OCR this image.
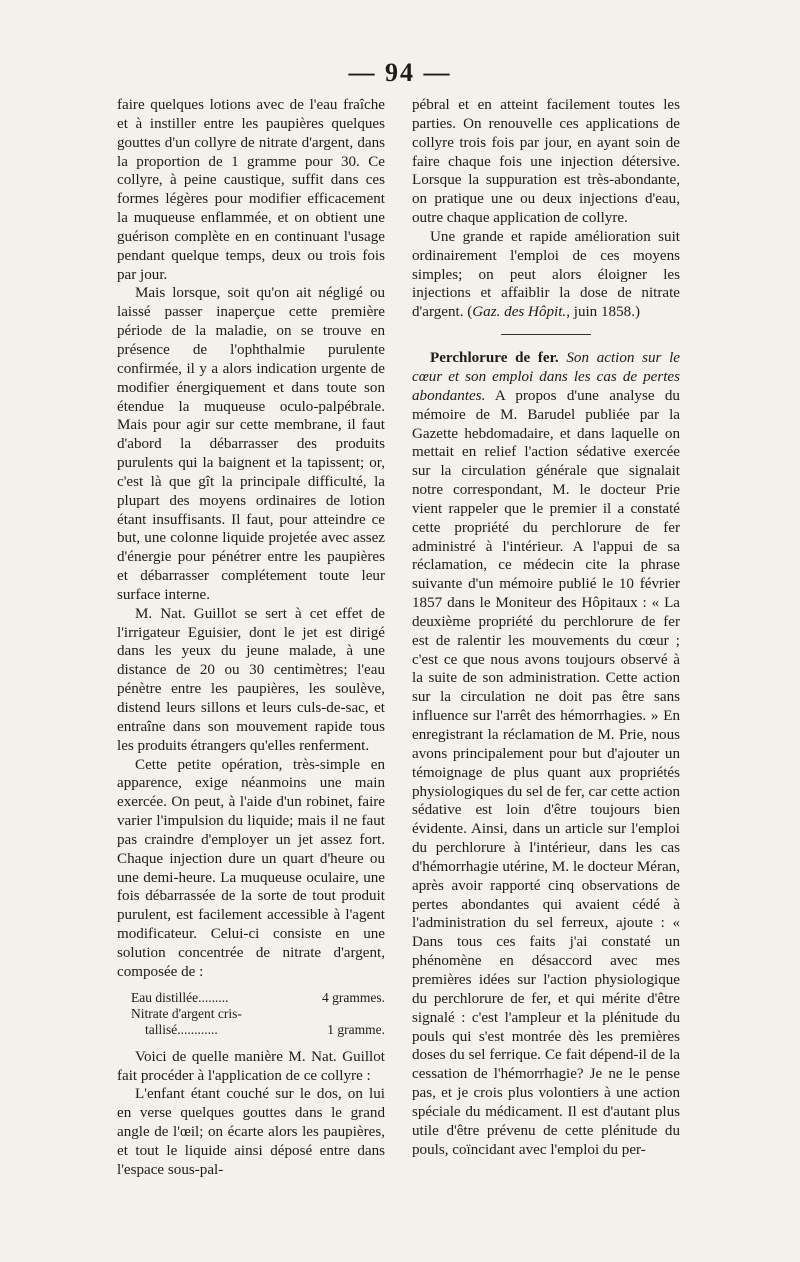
— 94 —

faire quelques lotions avec de l'eau fraîche et à instiller entre les paupières quelques gouttes d'un collyre de nitrate d'argent, dans la proportion de 1 gramme pour 30. Ce collyre, à peine caustique, suffit dans ces formes légères pour modifier efficacement la muqueuse enflammée, et on obtient une guérison complète en en continuant l'usage pendant quelque temps, deux ou trois fois par jour.

Mais lorsque, soit qu'on ait négligé ou laissé passer inaperçue cette première période de la maladie, on se trouve en présence de l'ophthalmie purulente confirmée, il y a alors indication urgente de modifier énergiquement et dans toute son étendue la muqueuse oculo-palpébrale. Mais pour agir sur cette membrane, il faut d'abord la débarrasser des produits purulents qui la baignent et la tapissent; or, c'est là que gît la principale difficulté, la plupart des moyens ordinaires de lotion étant insuffisants. Il faut, pour atteindre ce but, une colonne liquide projetée avec assez d'énergie pour pénétrer entre les paupières et débarrasser complétement toute leur surface interne.

M. Nat. Guillot se sert à cet effet de l'irrigateur Eguisier, dont le jet est dirigé dans les yeux du jeune malade, à une distance de 20 ou 30 centimètres; l'eau pénètre entre les paupières, les soulève, distend leurs sillons et leurs culs-de-sac, et entraîne dans son mouvement rapide tous les produits étrangers qu'elles renferment.

Cette petite opération, très-simple en apparence, exige néanmoins une main exercée. On peut, à l'aide d'un robinet, faire varier l'impulsion du liquide; mais il ne faut pas craindre d'employer un jet assez fort. Chaque injection dure un quart d'heure ou une demi-heure. La muqueuse oculaire, une fois débarrassée de la sorte de tout produit purulent, est facilement accessible à l'agent modificateur. Celui-ci consiste en une solution concentrée de nitrate d'argent, composée de :

Eau distillée.........	4 grammes.
Nitrate d'argent cris-
tallisé............	1 gramme.

Voici de quelle manière M. Nat. Guillot fait procéder à l'application de ce collyre :

L'enfant étant couché sur le dos, on lui en verse quelques gouttes dans le grand angle de l'œil; on écarte alors les paupières, et tout le liquide ainsi déposé entre dans l'espace sous-pal-

pébral et en atteint facilement toutes les parties. On renouvelle ces applications de collyre trois fois par jour, en ayant soin de faire chaque fois une injection détersive. Lorsque la suppuration est très-abondante, on pratique une ou deux injections d'eau, outre chaque application de collyre.

Une grande et rapide amélioration suit ordinairement l'emploi de ces moyens simples; on peut alors éloigner les injections et affaiblir la dose de nitrate d'argent. (Gaz. des Hôpit., juin 1858.)

Perchlorure de fer. Son action sur le cœur et son emploi dans les cas de pertes abondantes. A propos d'une analyse du mémoire de M. Barudel publiée par la Gazette hebdomadaire, et dans laquelle on mettait en relief l'action sédative exercée sur la circulation générale que signalait notre correspondant, M. le docteur Prie vient rappeler que le premier il a constaté cette propriété du perchlorure de fer administré à l'intérieur. A l'appui de sa réclamation, ce médecin cite la phrase suivante d'un mémoire publié le 10 février 1857 dans le Moniteur des Hôpitaux : « La deuxième propriété du perchlorure de fer est de ralentir les mouvements du cœur ; c'est ce que nous avons toujours observé à la suite de son administration. Cette action sur la circulation ne doit pas être sans influence sur l'arrêt des hémorrhagies. » En enregistrant la réclamation de M. Prie, nous avons principalement pour but d'ajouter un témoignage de plus quant aux propriétés physiologiques du sel de fer, car cette action sédative est loin d'être toujours bien évidente. Ainsi, dans un article sur l'emploi du perchlorure à l'intérieur, dans les cas d'hémorrhagie utérine, M. le docteur Méran, après avoir rapporté cinq observations de pertes abondantes qui avaient cédé à l'administration du sel ferreux, ajoute : « Dans tous ces faits j'ai constaté un phénomène en désaccord avec mes premières idées sur l'action physiologique du perchlorure de fer, et qui mérite d'être signalé : c'est l'ampleur et la plénitude du pouls qui s'est montrée dès les premières doses du sel ferrique. Ce fait dépend-il de la cessation de l'hémorrhagie? Je ne le pense pas, et je crois plus volontiers à une action spéciale du médicament. Il est d'autant plus utile d'être prévenu de cette plénitude du pouls, coïncidant avec l'emploi du per-
